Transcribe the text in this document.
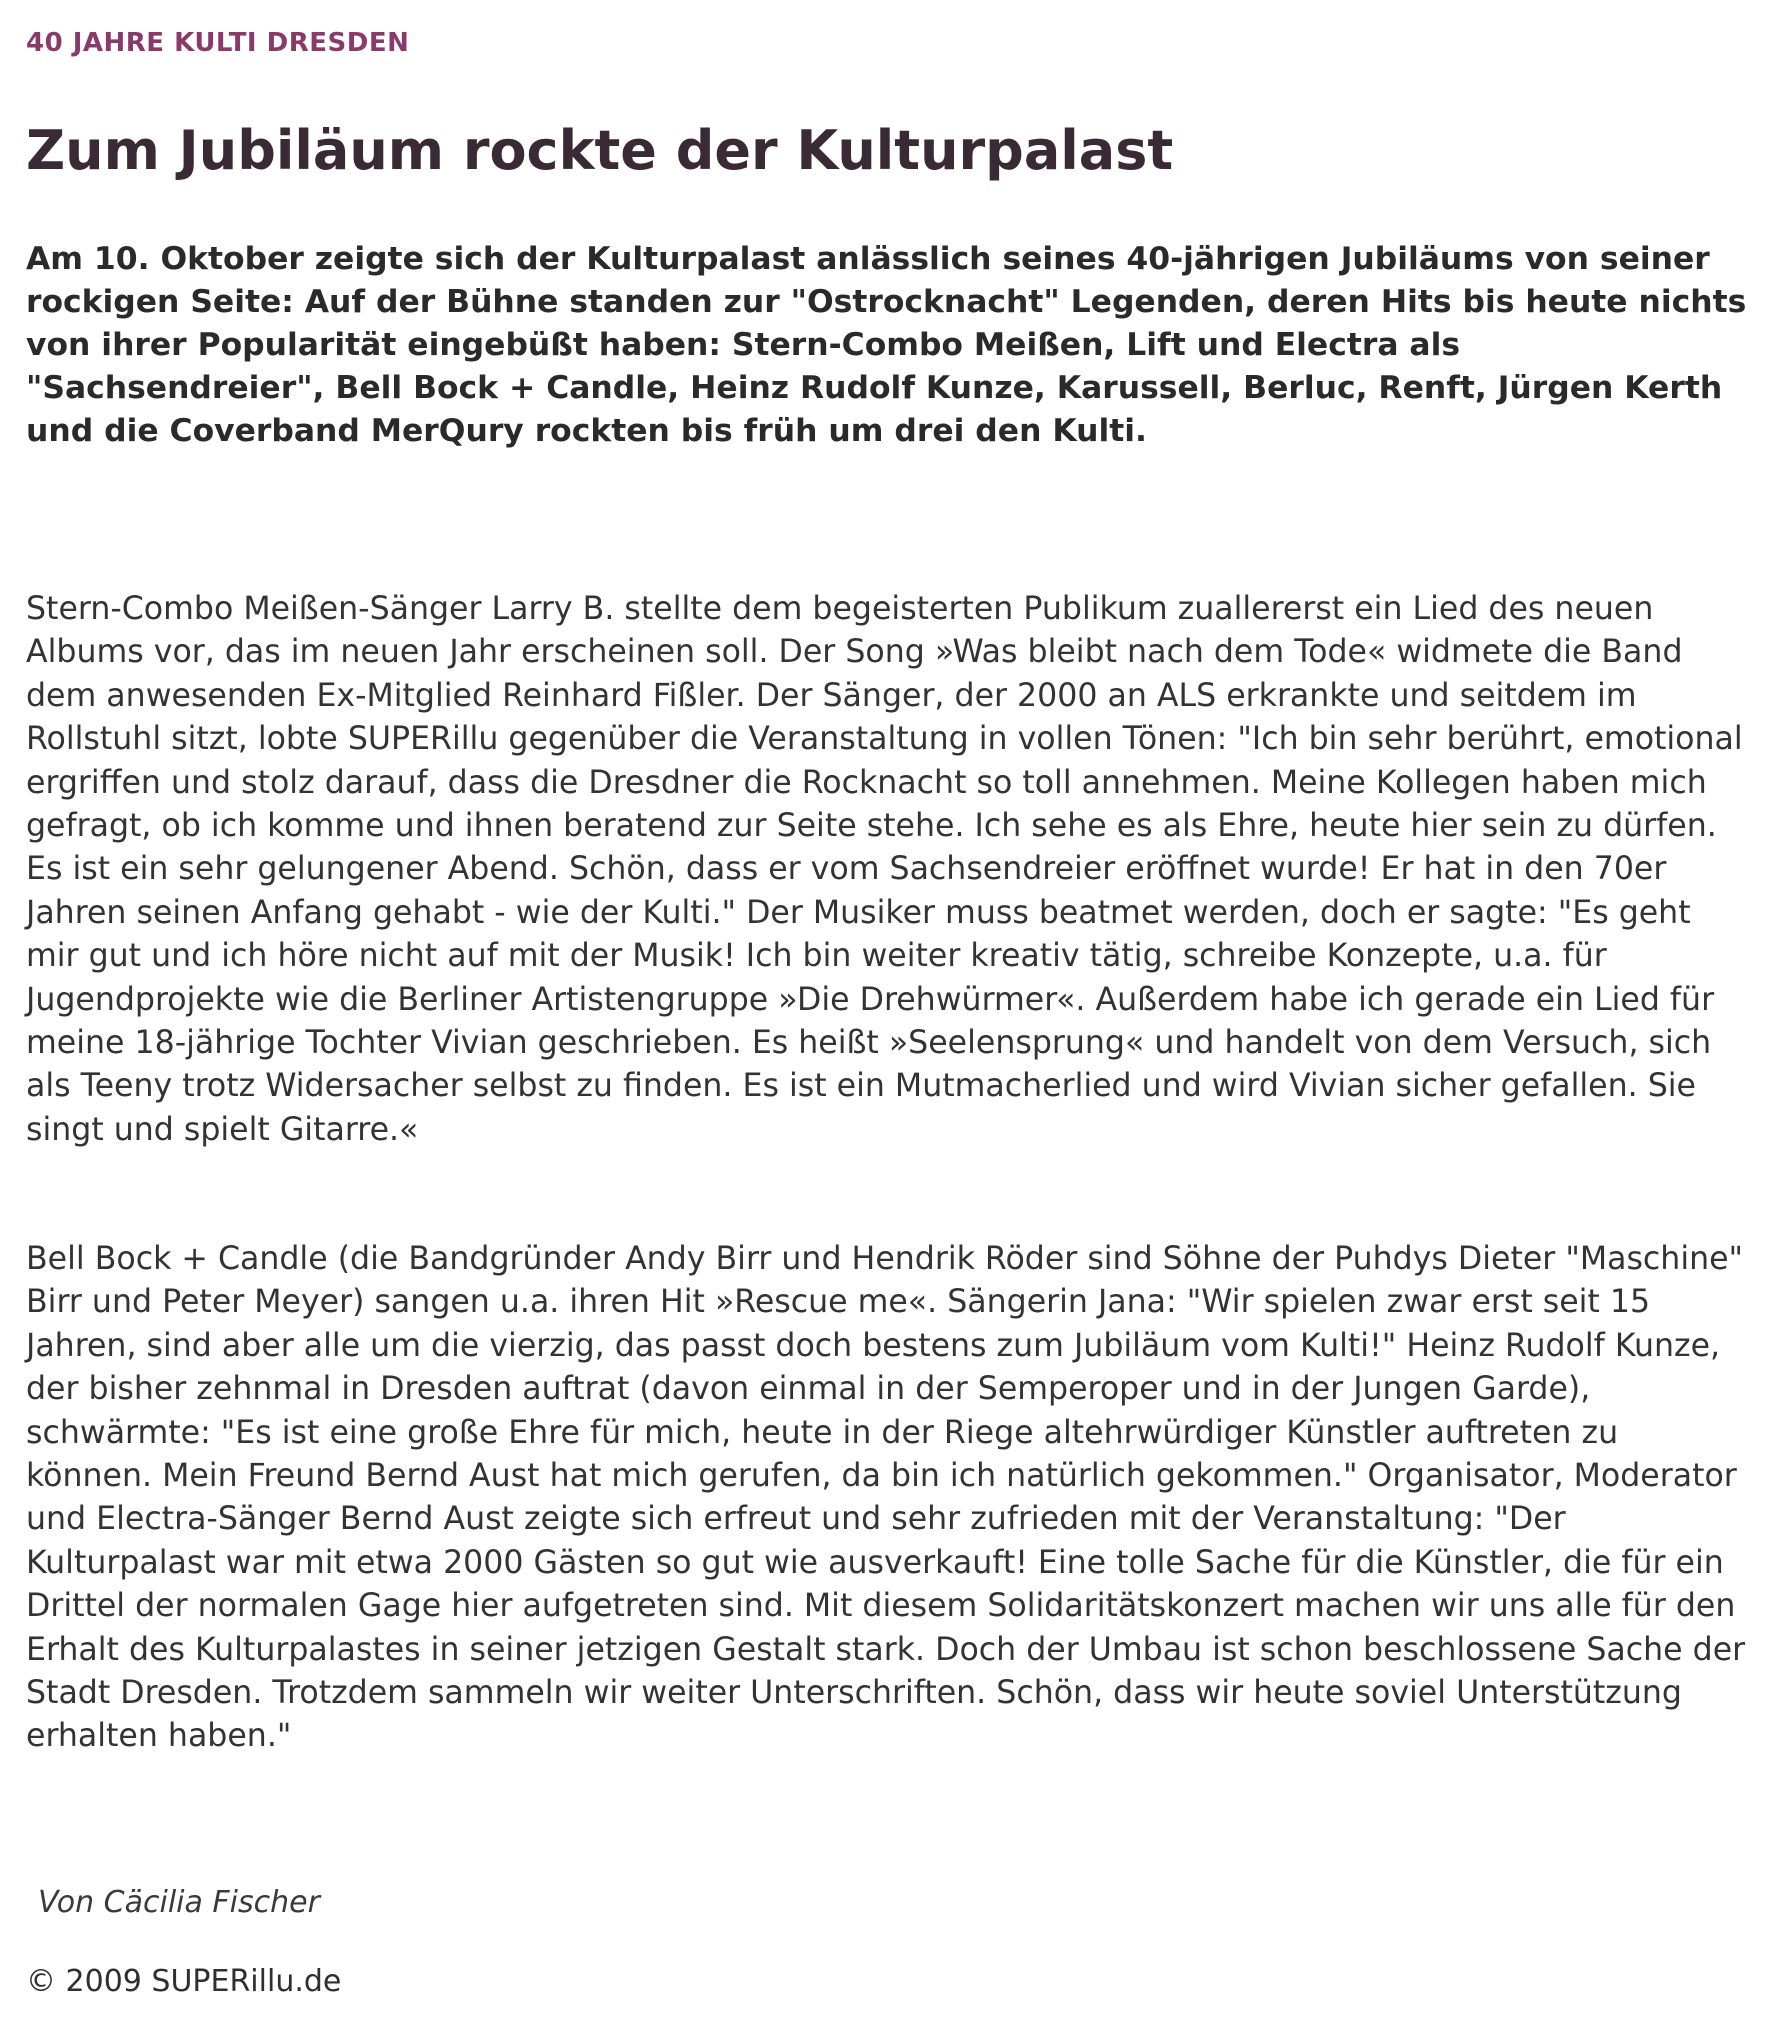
40 JAHRE KULTI DRESDEN
Zum Jubiläum rockte der Kulturpalast

Am 10. Oktober zeigte sich der Kulturpalast anlässlich seines 40-jährigen Jubiläums von seiner rockigen Seite: Auf der Bühne standen zur "Ostrocknacht" Legenden, deren Hits bis heute nichts von ihrer Popularität eingebüßt haben: Stern-Combo Meißen, Lift und Electra als "Sachsendreier", Bell Bock + Candle, Heinz Rudolf Kunze, Karussell, Berluc, Renft, Jürgen Kerth und die Coverband MerQury rockten bis früh um drei den Kulti.

Stern-Combo Meißen-Sänger Larry B. stellte dem begeisterten Publikum zuallererst ein Lied des neuen Albums vor, das im neuen Jahr erscheinen soll. Der Song »Was bleibt nach dem Tode« widmete die Band dem anwesenden Ex-Mitglied Reinhard Fißler. Der Sänger, der 2000 an ALS erkrankte und seitdem im Rollstuhl sitzt, lobte SUPERillu gegenüber die Veranstaltung in vollen Tönen: "Ich bin sehr berührt, emotional ergriffen und stolz darauf, dass die Dresdner die Rocknacht so toll annehmen. Meine Kollegen haben mich gefragt, ob ich komme und ihnen beratend zur Seite stehe. Ich sehe es als Ehre, heute hier sein zu dürfen. Es ist ein sehr gelungener Abend. Schön, dass er vom Sachsendreier eröffnet wurde! Er hat in den 70er Jahren seinen Anfang gehabt - wie der Kulti." Der Musiker muss beatmet werden, doch er sagte: "Es geht mir gut und ich höre nicht auf mit der Musik! Ich bin weiter kreativ tätig, schreibe Konzepte, u.a. für Jugendprojekte wie die Berliner Artistengruppe »Die Drehwürmer«. Außerdem habe ich gerade ein Lied für meine 18-jährige Tochter Vivian geschrieben. Es heißt »Seelensprung« und handelt von dem Versuch, sich als Teeny trotz Widersacher selbst zu finden. Es ist ein Mutmacherlied und wird Vivian sicher gefallen. Sie singt und spielt Gitarre.«

Bell Bock + Candle (die Bandgründer Andy Birr und Hendrik Röder sind Söhne der Puhdys Dieter "Maschine" Birr und Peter Meyer) sangen u.a. ihren Hit »Rescue me«. Sängerin Jana: "Wir spielen zwar erst seit 15 Jahren, sind aber alle um die vierzig, das passt doch bestens zum Jubiläum vom Kulti!" Heinz Rudolf Kunze, der bisher zehnmal in Dresden auftrat (davon einmal in der Semperoper und in der Jungen Garde), schwärmte: "Es ist eine große Ehre für mich, heute in der Riege altehrwürdiger Künstler auftreten zu können. Mein Freund Bernd Aust hat mich gerufen, da bin ich natürlich gekommen." Organisator, Moderator und Electra-Sänger Bernd Aust zeigte sich erfreut und sehr zufrieden mit der Veranstaltung: "Der Kulturpalast war mit etwa 2000 Gästen so gut wie ausverkauft! Eine tolle Sache für die Künstler, die für ein Drittel der normalen Gage hier aufgetreten sind. Mit diesem Solidaritätskonzert machen wir uns alle für den Erhalt des Kulturpalastes in seiner jetzigen Gestalt stark. Doch der Umbau ist schon beschlossene Sache der Stadt Dresden. Trotzdem sammeln wir weiter Unterschriften. Schön, dass wir heute soviel Unterstützung erhalten haben."

Von Cäcilia Fischer
© 2009 SUPERillu.de
